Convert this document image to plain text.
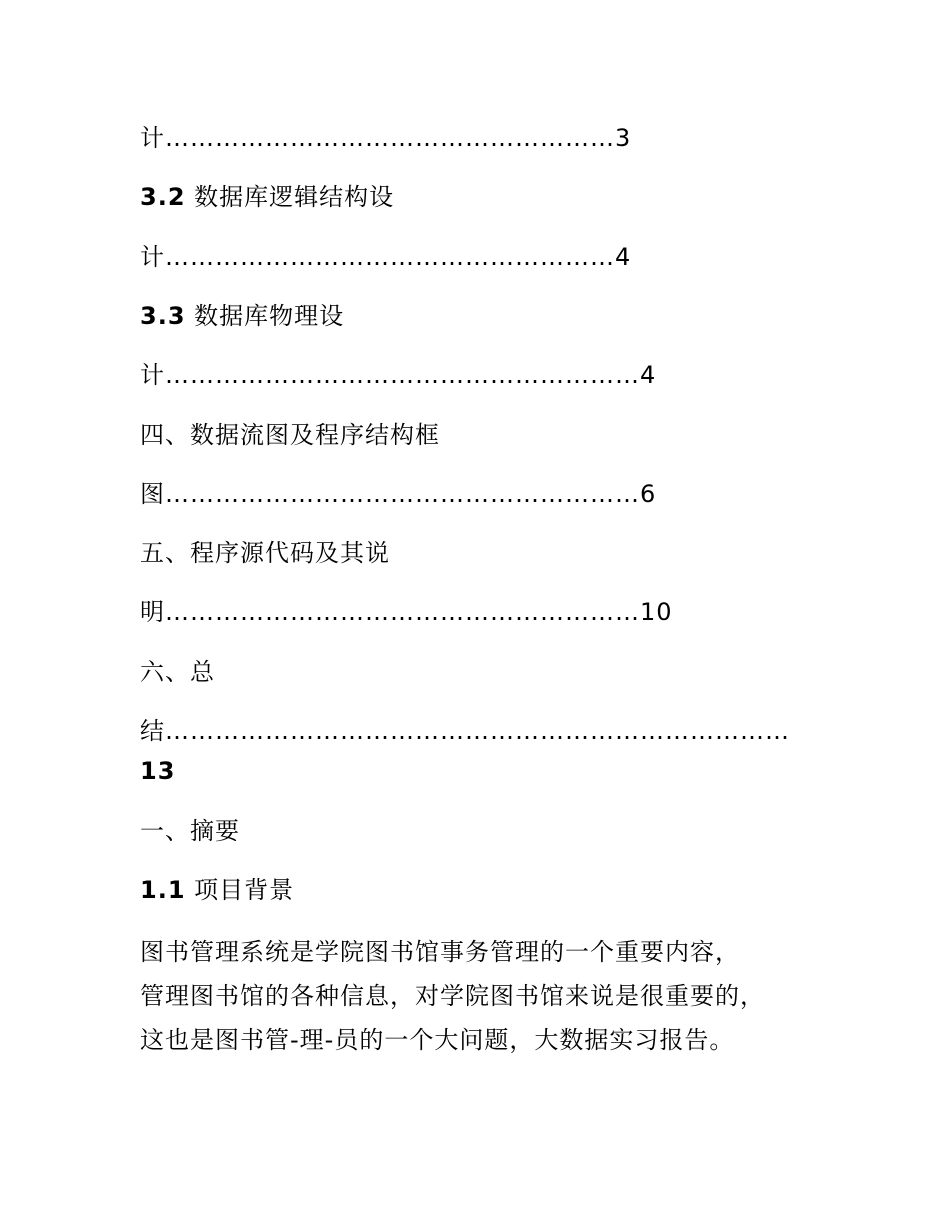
计………………………………………………3

3.2 数据库逻辑结构设

计………………………………………………4

3.3 数据库物理设

计…………………………………………………4

四、数据流图及程序结构框

图…………………………………………………6

五、程序源代码及其说

明…………………………………………………10

六、总

结…………………………………………………………………

13

一、摘要
1.1 项目背景
图书管理系统是学院图书馆事务管理的一个重要内容，
管理图书馆的各种信息，对学院图书馆来说是很重要的，
这也是图书管-理-员的一个大问题，大数据实习报告。
